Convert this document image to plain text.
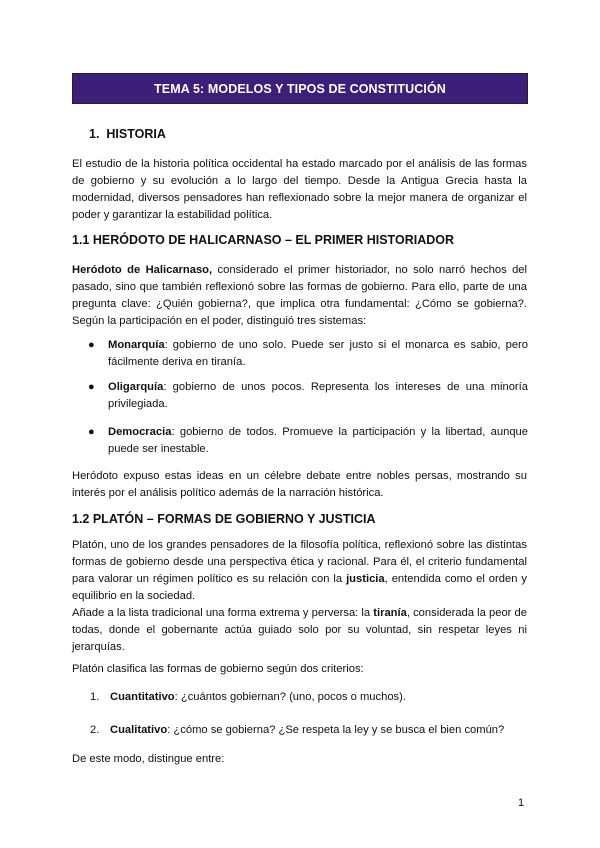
TEMA 5: MODELOS Y TIPOS DE CONSTITUCIÓN
1. HISTORIA
El estudio de la historia política occidental ha estado marcado por el análisis de las formas de gobierno y su evolución a lo largo del tiempo. Desde la Antigua Grecia hasta la modernidad, diversos pensadores han reflexionado sobre la mejor manera de organizar el poder y garantizar la estabilidad política.
1.1 HERÓDOTO DE HALICARNASO – EL PRIMER HISTORIADOR
Heródoto de Halicarnaso, considerado el primer historiador, no solo narró hechos del pasado, sino que también reflexionó sobre las formas de gobierno. Para ello, parte de una pregunta clave: ¿Quién gobierna?, que implica otra fundamental: ¿Cómo se gobierna?. Según la participación en el poder, distinguió tres sistemas:
● Monarquía: gobierno de uno solo. Puede ser justo si el monarca es sabio, pero fácilmente deriva en tiranía.
● Oligarquía: gobierno de unos pocos. Representa los intereses de una minoría privilegiada.
● Democracia: gobierno de todos. Promueve la participación y la libertad, aunque puede ser inestable.
Heródoto expuso estas ideas en un célebre debate entre nobles persas, mostrando su interés por el análisis político además de la narración histórica.
1.2 PLATÓN – FORMAS DE GOBIERNO Y JUSTICIA
Platón, uno de los grandes pensadores de la filosofía política, reflexionó sobre las distintas formas de gobierno desde una perspectiva ética y racional. Para él, el criterio fundamental para valorar un régimen político es su relación con la justicia, entendida como el orden y equilibrio en la sociedad.
Añade a la lista tradicional una forma extrema y perversa: la tiranía, considerada la peor de todas, donde el gobernante actúa guiado solo por su voluntad, sin respetar leyes ni jerarquías.
Platón clasifica las formas de gobierno según dos criterios:
1. Cuantitativo: ¿cuántos gobiernan? (uno, pocos o muchos).
2. Cualitativo: ¿cómo se gobierna? ¿Se respeta la ley y se busca el bien común?
De este modo, distingue entre:
1
